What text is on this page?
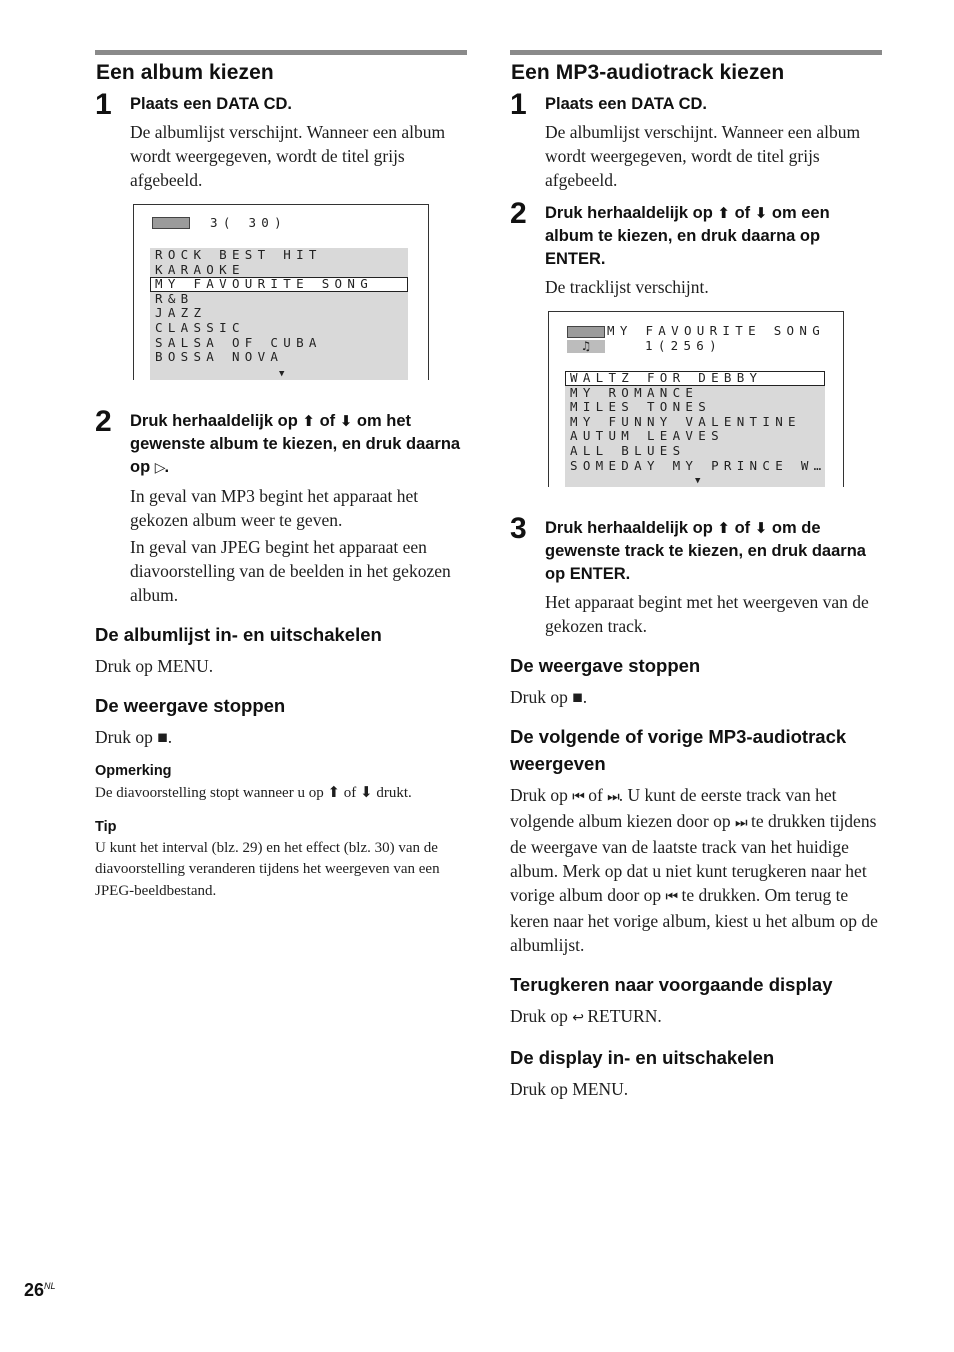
Een album kiezen
1 Plaats een DATA CD.

De albumlijst verschijnt. Wanneer een album wordt weergegeven, wordt de titel grijs afgebeeld.

3( 30)
ROCK BEST HIT
KARAOKE
MY FAVOURITE SONG
R&B
JAZZ
CLASSIC
SALSA OF CUBA
BOSSA NOVA
▼
2 Druk herhaaldelijk op ⬆ of ⬇ om het gewenste album te kiezen, en druk daarna op ▷.

In geval van MP3 begint het apparaat het gekozen album weer te geven.

In geval van JPEG begint het apparaat een diavoorstelling van de beelden in het gekozen album.

De albumlijst in- en uitschakelen

Druk op MENU.

De weergave stoppen

Druk op ■.

Opmerking

De diavoorstelling stopt wanneer u op ⬆ of ⬇ drukt.

Tip

U kunt het interval (blz. 29) en het effect (blz. 30) van de diavoorstelling veranderen tijdens het weergeven van een JPEG-beeldbestand.

Een MP3-audiotrack kiezen
1 Plaats een DATA CD.

De albumlijst verschijnt. Wanneer een album wordt weergegeven, wordt de titel grijs afgebeeld.

2 Druk herhaaldelijk op ⬆ of ⬇ om een album te kiezen, en druk daarna op ENTER.

De tracklijst verschijnt.

MY FAVOURITE SONG
♫	1(256)
WALTZ FOR DEBBY
MY ROMANCE
MILES TONES
MY FUNNY VALENTINE
AUTUM LEAVES
ALL BLUES
SOMEDAY MY PRINCE W…
▼
3 Druk herhaaldelijk op ⬆ of ⬇ om de gewenste track te kiezen, en druk daarna op ENTER.

Het apparaat begint met het weergeven van de gekozen track.

De weergave stoppen

Druk op ■.

De volgende of vorige MP3-audiotrack weergeven

Druk op ⏮ of ⏭. U kunt de eerste track van het volgende album kiezen door op ⏭ te drukken tijdens de weergave van de laatste track van het huidige album. Merk op dat u niet kunt terugkeren naar het vorige album door op ⏮ te drukken. Om terug te keren naar het vorige album, kiest u het album op de albumlijst.

Terugkeren naar voorgaande display

Druk op ↩ RETURN.

De display in- en uitschakelen

Druk op MENU.

$26^{NL}$
